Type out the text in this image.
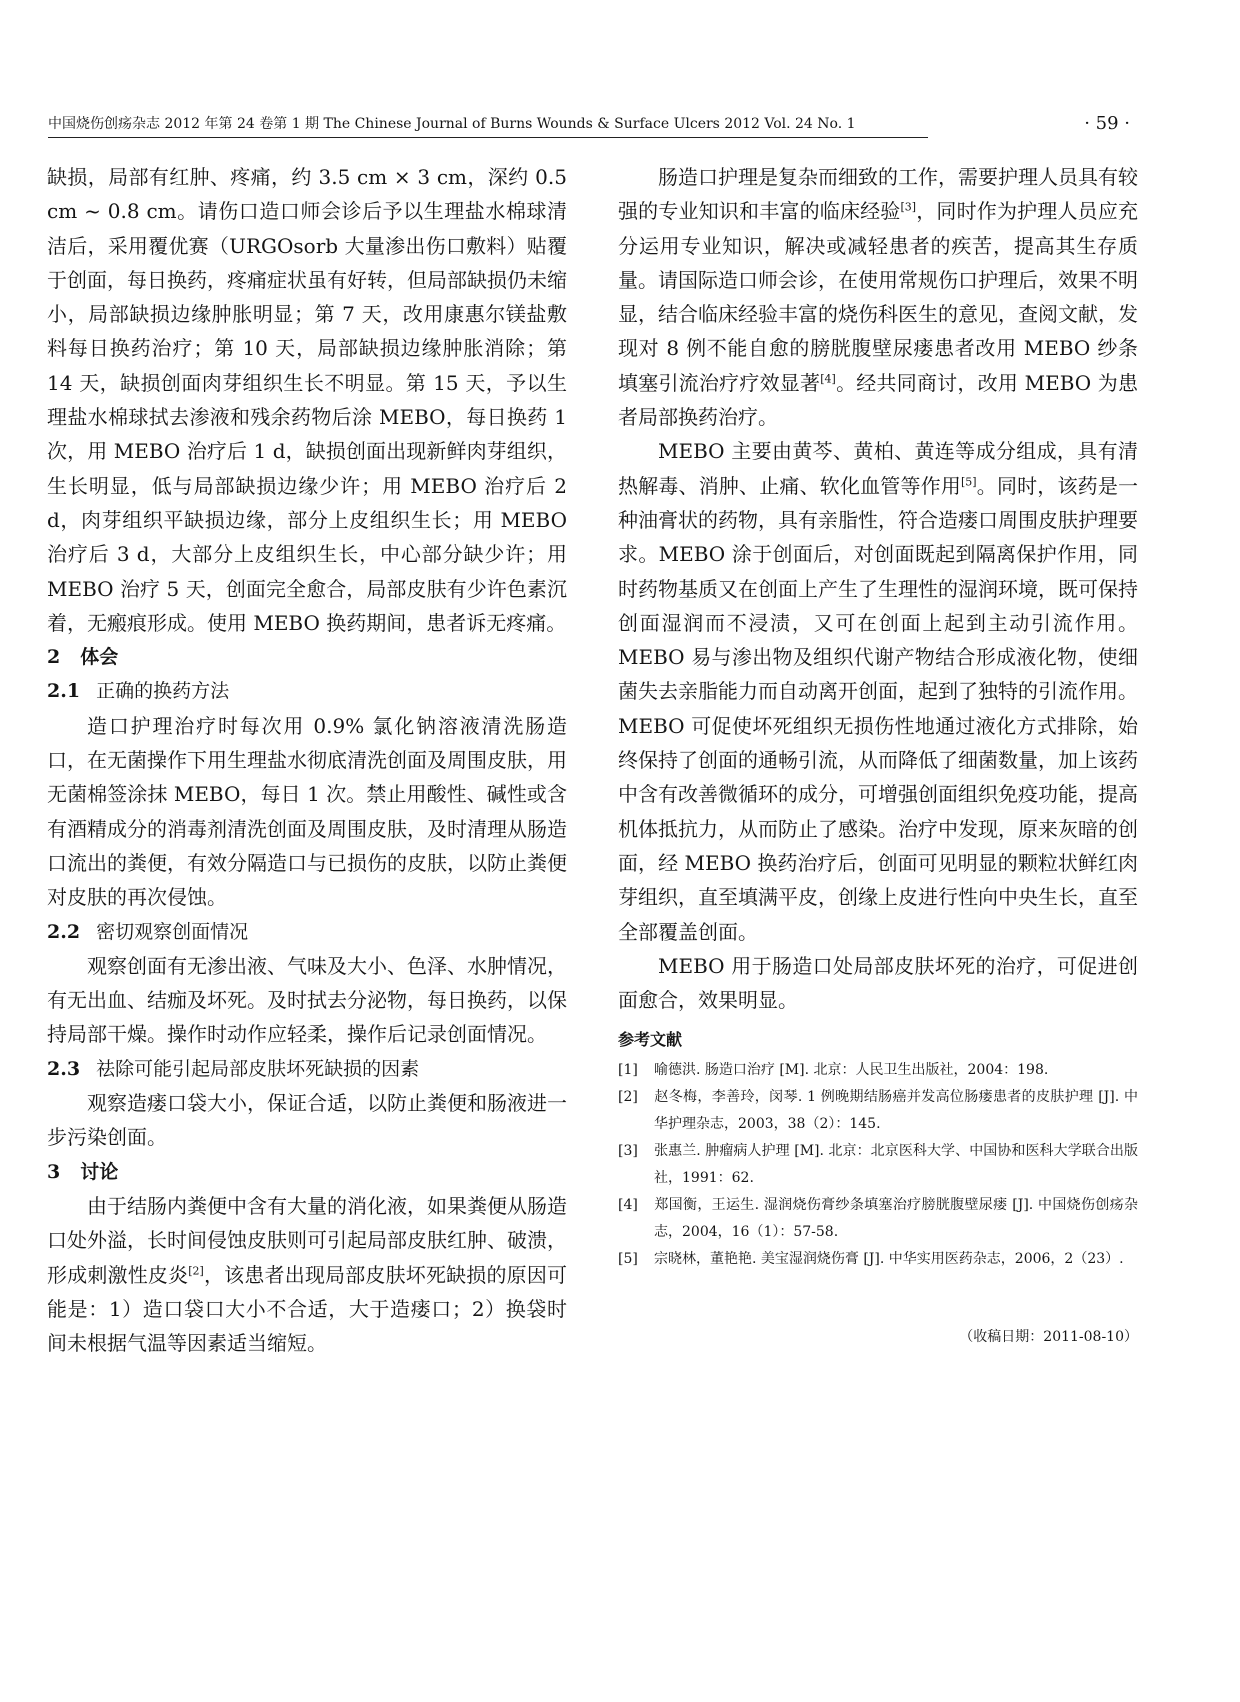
中国烧伤创疡杂志 2012 年第 24 卷第 1 期 The Chinese Journal of Burns Wounds & Surface Ulcers 2012 Vol. 24 No. 1	· 59 ·

缺损，局部有红肿、疼痛，约 3.5 cm × 3 cm，深约 0.5 cm ~ 0.8 cm。请伤口造口师会诊后予以生理盐水棉球清洁后，采用覆优赛（URGOsorb 大量渗出伤口敷料）贴覆于创面，每日换药，疼痛症状虽有好转，但局部缺损仍未缩小，局部缺损边缘肿胀明显；第 7 天，改用康惠尔镁盐敷料每日换药治疗；第 10 天，局部缺损边缘肿胀消除；第 14 天，缺损创面肉芽组织生长不明显。第 15 天，予以生理盐水棉球拭去渗液和残余药物后涂 MEBO，每日换药 1 次，用 MEBO 治疗后 1 d，缺损创面出现新鲜肉芽组织，生长明显，低与局部缺损边缘少许；用 MEBO 治疗后 2 d，肉芽组织平缺损边缘，部分上皮组织生长；用 MEBO 治疗后 3 d，大部分上皮组织生长，中心部分缺少许；用 MEBO 治疗 5 天，创面完全愈合，局部皮肤有少许色素沉着，无瘢痕形成。使用 MEBO 换药期间，患者诉无疼痛。

2 体会
2.1 正确的换药方法

造口护理治疗时每次用 0.9% 氯化钠溶液清洗肠造口，在无菌操作下用生理盐水彻底清洗创面及周围皮肤，用无菌棉签涂抹 MEBO，每日 1 次。禁止用酸性、碱性或含有酒精成分的消毒剂清洗创面及周围皮肤，及时清理从肠造口流出的粪便，有效分隔造口与已损伤的皮肤，以防止粪便对皮肤的再次侵蚀。

2.2 密切观察创面情况

观察创面有无渗出液、气味及大小、色泽、水肿情况，有无出血、结痂及坏死。及时拭去分泌物，每日换药，以保持局部干燥。操作时动作应轻柔，操作后记录创面情况。

2.3 祛除可能引起局部皮肤坏死缺损的因素

观察造瘘口袋大小，保证合适，以防止粪便和肠液进一步污染创面。

3 讨论

由于结肠内粪便中含有大量的消化液，如果粪便从肠造口处外溢，长时间侵蚀皮肤则可引起局部皮肤红肿、破溃，形成刺激性皮炎[2]，该患者出现局部皮肤坏死缺损的原因可能是：1）造口袋口大小不合适，大于造瘘口；2）换袋时间未根据气温等因素适当缩短。

肠造口护理是复杂而细致的工作，需要护理人员具有较强的专业知识和丰富的临床经验[3]，同时作为护理人员应充分运用专业知识，解决或减轻患者的疾苦，提高其生存质量。请国际造口师会诊，在使用常规伤口护理后，效果不明显，结合临床经验丰富的烧伤科医生的意见，查阅文献，发现对 8 例不能自愈的膀胱腹壁尿瘘患者改用 MEBO 纱条填塞引流治疗疗效显著[4]。经共同商讨，改用 MEBO 为患者局部换药治疗。

MEBO 主要由黄芩、黄柏、黄连等成分组成，具有清热解毒、消肿、止痛、软化血管等作用[5]。同时，该药是一种油膏状的药物，具有亲脂性，符合造瘘口周围皮肤护理要求。MEBO 涂于创面后，对创面既起到隔离保护作用，同时药物基质又在创面上产生了生理性的湿润环境，既可保持创面湿润而不浸渍，又可在创面上起到主动引流作用。MEBO 易与渗出物及组织代谢产物结合形成液化物，使细菌失去亲脂能力而自动离开创面，起到了独特的引流作用。MEBO 可促使坏死组织无损伤性地通过液化方式排除，始终保持了创面的通畅引流，从而降低了细菌数量，加上该药中含有改善微循环的成分，可增强创面组织免疫功能，提高机体抵抗力，从而防止了感染。治疗中发现，原来灰暗的创面，经 MEBO 换药治疗后，创面可见明显的颗粒状鲜红肉芽组织，直至填满平皮，创缘上皮进行性向中央生长，直至全部覆盖创面。

MEBO 用于肠造口处局部皮肤坏死的治疗，可促进创面愈合，效果明显。

参考文献
[1] 喻德洪. 肠造口治疗 [M]. 北京：人民卫生出版社，2004：198.
[2] 赵冬梅，李善玲，闵琴. 1 例晚期结肠癌并发高位肠瘘患者的皮肤护理 [J]. 中华护理杂志，2003，38（2）：145.
[3] 张惠兰. 肿瘤病人护理 [M]. 北京：北京医科大学、中国协和医科大学联合出版社，1991：62.
[4] 郑国衡，王运生. 湿润烧伤膏纱条填塞治疗膀胱腹壁尿瘘 [J]. 中国烧伤创疡杂志，2004，16（1）：57-58.
[5] 宗晓林，董艳艳. 美宝湿润烧伤膏 [J]. 中华实用医药杂志，2006，2（23）.
（收稿日期：2011-08-10）
